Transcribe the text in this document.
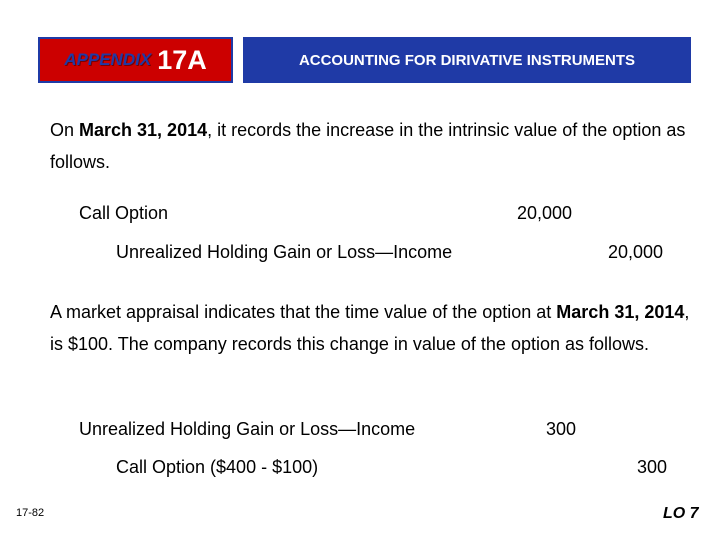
APPENDIX 17A	ACCOUNTING FOR DIRIVATIVE INSTRUMENTS
On March 31, 2014, it records the increase in the intrinsic value of the option as follows.
Call Option	20,000
Unrealized Holding Gain or Loss—Income	20,000
A market appraisal indicates that the time value of the option at March 31, 2014, is $100. The company records this change in value of the option as follows.
Unrealized Holding Gain or Loss—Income	300
Call Option ($400 - $100)	300
17-82	LO 7
